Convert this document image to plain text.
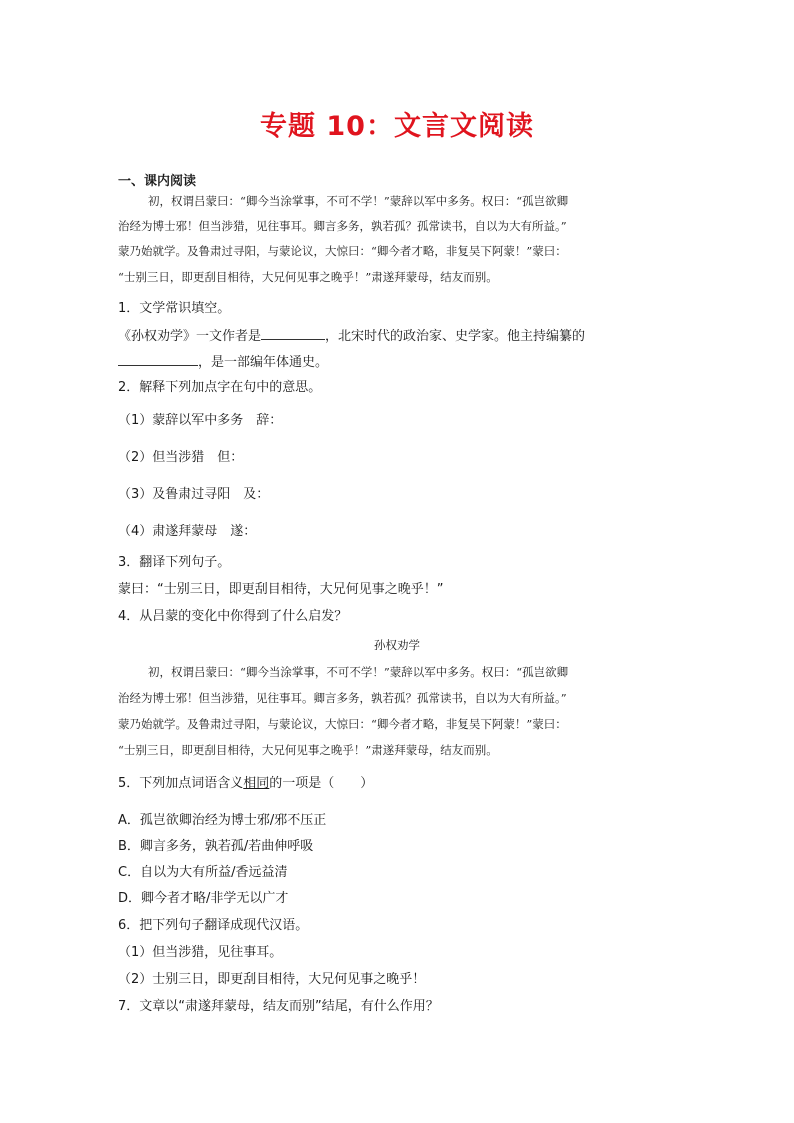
专题 10：文言文阅读
一、课内阅读
初，权谓吕蒙曰：“卿今当涂掌事，不可不学！”蒙辞以军中多务。权曰：“孤岂欲卿
治经为博士邪！但当涉猎，见往事耳。卿言多务，孰若孤？孤常读书，自以为大有所益。”
蒙乃始就学。及鲁肃过寻阳，与蒙论议，大惊曰：“卿今者才略，非复吴下阿蒙！”蒙曰：
“士别三日，即更刮目相待，大兄何见事之晚乎！”肃遂拜蒙母，结友而别。
1．文学常识填空。
《孙权劝学》一文作者是	，北宋时代的政治家、史学家。他主持编纂的
，是一部编年体通史。
2．解释下列加点字在句中的意思。
（1）蒙辞以军中多务　辞：
（2）但当涉猎　但：
（3）及鲁肃过寻阳　及：
（4）肃遂拜蒙母　遂：
3．翻译下列句子。
蒙曰：“士别三日，即更刮目相待，大兄何见事之晚乎！”
4．从吕蒙的变化中你得到了什么启发？
孙权劝学
初，权谓吕蒙曰：“卿今当涂掌事，不可不学！”蒙辞以军中多务。权曰：“孤岂欲卿
治经为博士邪！但当涉猎，见往事耳。卿言多务，孰若孤？孤常读书，自以为大有所益。”
蒙乃始就学。及鲁肃过寻阳，与蒙论议，大惊曰：“卿今者才略，非复吴下阿蒙！”蒙曰：
“士别三日，即更刮目相待，大兄何见事之晚乎！”肃遂拜蒙母，结友而别。
5．下列加点词语含义相同的一项是（　　）
A．孤岂欲卿治经为博士邪/邪不压正
B．卿言多务，孰若孤/若曲伸呼吸
C．自以为大有所益/香远益清
D．卿今者才略/非学无以广才
6．把下列句子翻译成现代汉语。
（1）但当涉猎，见往事耳。
（2）士别三日，即更刮目相待，大兄何见事之晚乎！
7．文章以“肃遂拜蒙母，结友而别”结尾，有什么作用？
